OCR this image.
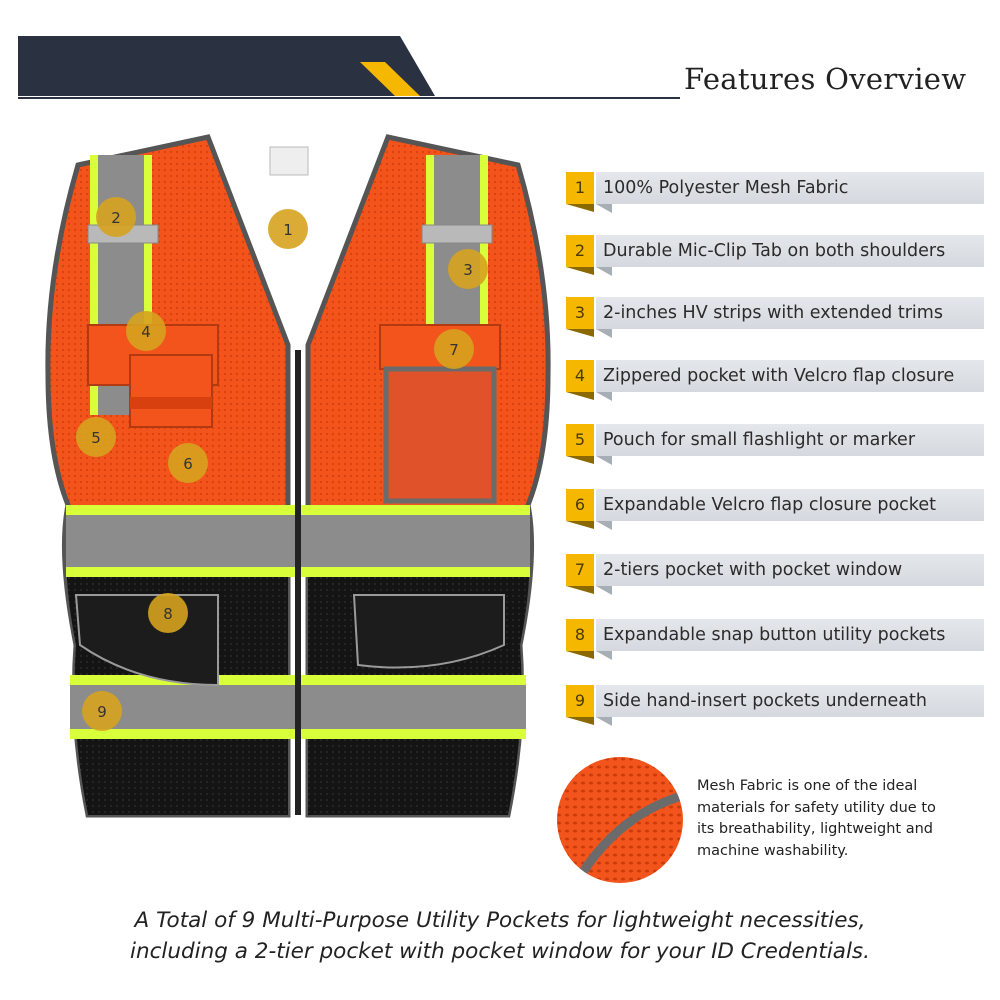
Features Overview
1
2
3
4
5
6
7
8
9
1	100% Polyester Mesh Fabric
2	Durable Mic-Clip Tab on both shoulders
3	2-inches HV strips with extended trims
4	Zippered pocket with Velcro flap closure
5	Pouch for small flashlight or marker
6	Expandable Velcro flap closure pocket
7	2-tiers pocket with pocket window
8	Expandable snap button utility pockets
9	Side hand-insert pockets underneath
Mesh Fabric is one of the ideal
materials for safety utility due to
its breathability, lightweight and
machine washability.
A Total of 9 Multi-Purpose Utility Pockets for lightweight necessities,
including a 2-tier pocket with pocket window for your ID Credentials.
